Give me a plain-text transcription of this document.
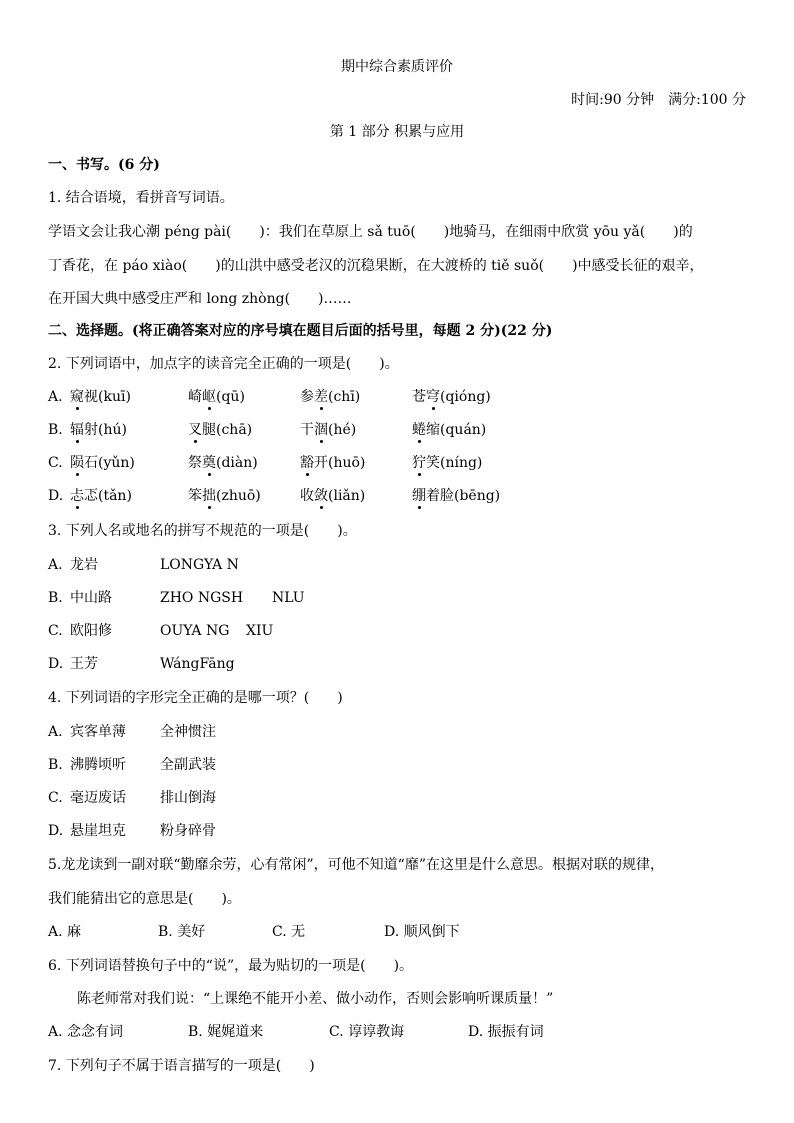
期中综合素质评价
时间:90 分钟　满分:100 分
第 1 部分 积累与应用
一、书写。(6 分)
1. 结合语境，看拼音写词语。
学语文会让我心潮 péng pài(　　)：我们在草原上 sǎ tuō(　　)地骑马，在细雨中欣赏 yōu yǎ(　　)的
丁香花，在 páo xiào(　　)的山洪中感受老汉的沉稳果断，在大渡桥的 tiě suǒ(　　)中感受长征的艰辛，
在开国大典中感受庄严和 long zhòng(　　)……
二、选择题。(将正确答案对应的序号填在题目后面的括号里，每题 2 分)(22 分)
2. 下列词语中，加点字的读音完全正确的一项是(　　)。
A. 窥视(kuī)	崎岖(qū)	参差(chī)	苍穹(qióng)
B. 辐射(hú)	叉腿(chā)	干涸(hé)	蜷缩(quán)
C. 陨石(yǔn)	祭奠(diàn)	豁开(huō)	狞笑(níng)
D. 忐忑(tǎn)	笨拙(zhuō)	收敛(liǎn)	绷着脸(bēng)
3. 下列人名或地名的拼写不规范的一项是(　　)。
A. 龙岩	LONGYA N
B. 中山路	ZHO NGSH NLU
C. 欧阳修	OUYA NG XIU
D. 王芳	WángFāng
4. 下列词语的字形完全正确的是哪一项？(　　)
A. 宾客单薄 全神惯注
B. 沸腾顷听 全副武装
C. 毫迈废话 排山倒海
D. 悬崖坦克 粉身碎骨
5.龙龙读到一副对联“勤靡余劳，心有常闲”，可他不知道“靡”在这里是什么意思。根据对联的规律，
我们能猜出它的意思是(　　)。
A. 麻	B. 美好	C. 无	D. 顺风倒下
6. 下列词语替换句子中的“说”，最为贴切的一项是(　　)。
陈老师常对我们说：“上课绝不能开小差、做小动作，否则会影响听课质量！”
A. 念念有词	B. 娓娓道来	C. 谆谆教诲	D. 振振有词
7. 下列句子不属于语言描写的一项是(　　)
